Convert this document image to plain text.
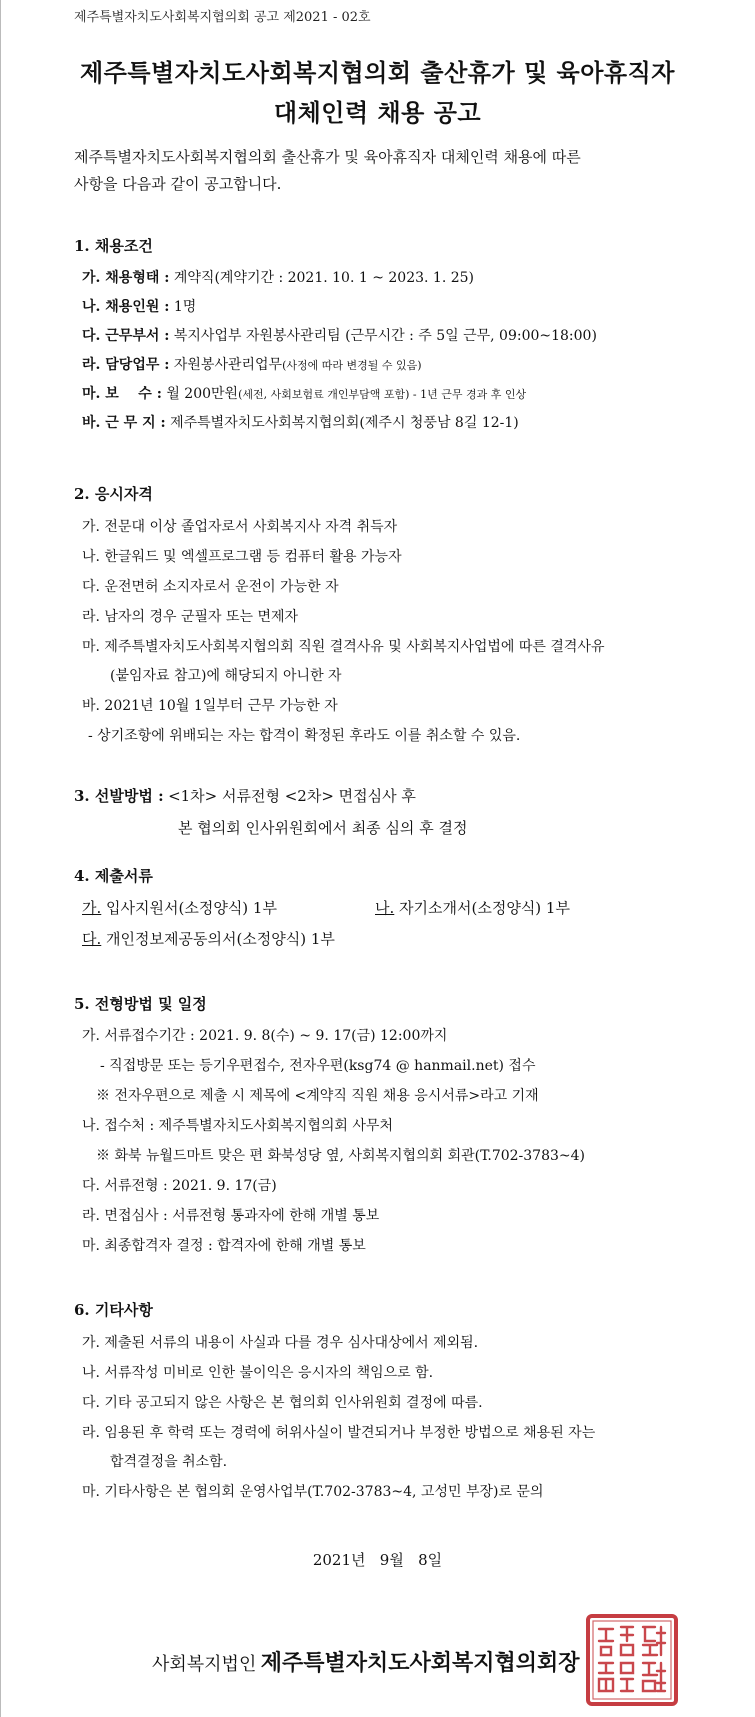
제주특별자치도사회복지협의회 공고 제2021 - 02호
제주특별자치도사회복지협의회 출산휴가 및 육아휴직자
대체인력 채용 공고
제주특별자치도사회복지협의회 출산휴가 및 육아휴직자 대체인력 채용에 따른
사항을 다음과 같이 공고합니다.
1. 채용조건
가. 채용형태 : 계약직(계약기간 : 2021. 10. 1 ~ 2023. 1. 25)
나. 채용인원 : 1명
다. 근무부서 : 복지사업부 자원봉사관리팀 (근무시간 : 주 5일 근무, 09:00~18:00)
라. 담당업무 : 자원봉사관리업무(사정에 따라 변경될 수 있음)
마. 보    수 : 월 200만원(세전, 사회보험료 개인부담액 포함) - 1년 근무 경과 후 인상
바. 근 무 지 : 제주특별자치도사회복지협의회(제주시 청풍남 8길 12-1)
2. 응시자격
가. 전문대 이상 졸업자로서 사회복지사 자격 취득자
나. 한글워드 및 엑셀프로그램 등 컴퓨터 활용 가능자
다. 운전면허 소지자로서 운전이 가능한 자
라. 남자의 경우 군필자 또는 면제자
마. 제주특별자치도사회복지협의회 직원 결격사유 및 사회복지사업법에 따른 결격사유
(붙임자료 참고)에 해당되지 아니한 자
바. 2021년 10월 1일부터 근무 가능한 자
- 상기조항에 위배되는 자는 합격이 확정된 후라도 이를 취소할 수 있음.
3. 선발방법 : <1차> 서류전형 <2차> 면접심사 후
본 협의회 인사위원회에서 최종 심의 후 결정
4. 제출서류
가. 입사지원서(소정양식) 1부	나. 자기소개서(소정양식) 1부
다. 개인정보제공동의서(소정양식) 1부
5. 전형방법 및 일정
가. 서류접수기간 : 2021. 9. 8(수) ~ 9. 17(금) 12:00까지
- 직접방문 또는 등기우편접수, 전자우편(ksg74 @ hanmail.net) 접수
※ 전자우편으로 제출 시 제목에 <계약직 직원 채용 응시서류>라고 기재
나. 접수처 : 제주특별자치도사회복지협의회 사무처
※ 화북 뉴월드마트 맞은 편 화북성당 옆, 사회복지협의회 회관(T.702-3783~4)
다. 서류전형 : 2021. 9. 17(금)
라. 면접심사 : 서류전형 통과자에 한해 개별 통보
마. 최종합격자 결정 : 합격자에 한해 개별 통보
6. 기타사항
가. 제출된 서류의 내용이 사실과 다를 경우 심사대상에서 제외됨.
나. 서류작성 미비로 인한 불이익은 응시자의 책임으로 함.
다. 기타 공고되지 않은 사항은 본 협의회 인사위원회 결정에 따름.
라. 임용된 후 학력 또는 경력에 허위사실이 발견되거나 부정한 방법으로 채용된 자는
합격결정을 취소함.
마. 기타사항은 본 협의회 운영사업부(T.702-3783~4, 고성민 부장)로 문의
2021년   9월   8일
사회복지법인 제주특별자치도사회복지협의회장
